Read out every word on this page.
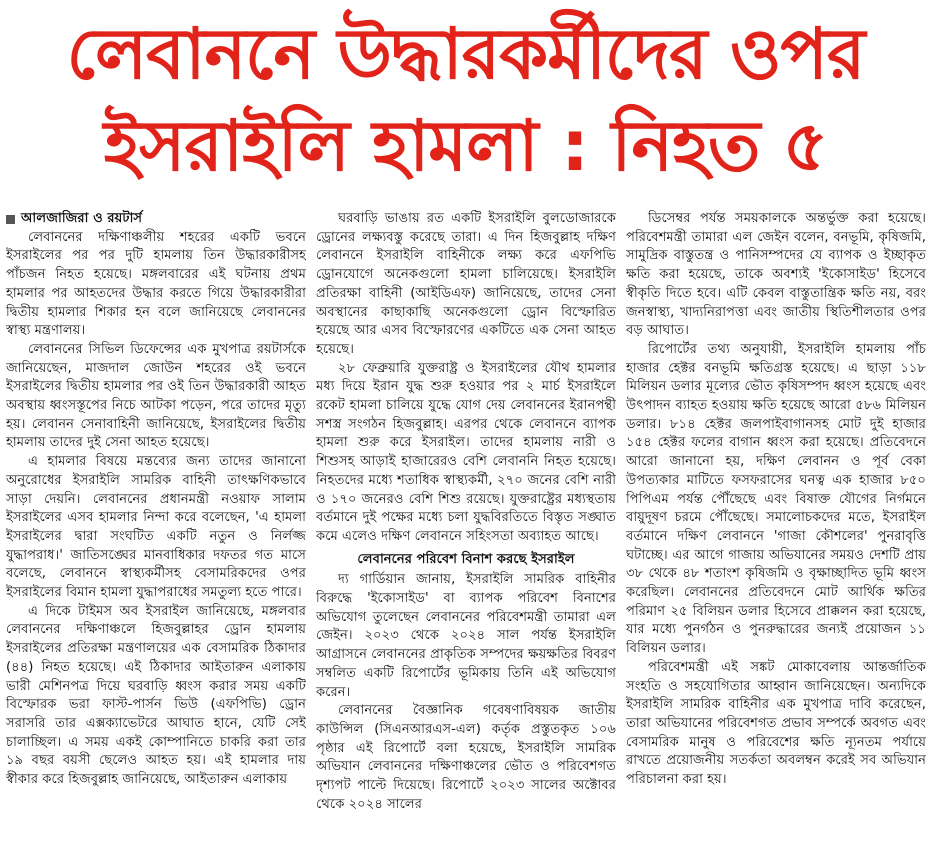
লেবাননে উদ্ধারকর্মীদের ওপর
ইসরাইলি হামলা : নিহত ৫
আলজাজিরা ও রয়টার্স

লেবাননের দক্ষিণাঞ্চলীয় শহরের একটি ভবনে ইসরাইলের পর পর দুটি হামলায় তিন উদ্ধারকারীসহ পাঁচজন নিহত হয়েছে। মঙ্গলবারের এই ঘটনায় প্রথম হামলার পর আহতদের উদ্ধার করতে গিয়ে উদ্ধারকারীরা দ্বিতীয় হামলার শিকার হন বলে জানিয়েছে লেবাননের স্বাস্থ্য মন্ত্রণালয়।

লেবাননের সিভিল ডিফেন্সের এক মুখপাত্র রয়টার্সকে জানিয়েছেন, মাজদাল জোউন শহরের ওই ভবনে ইসরাইলের দ্বিতীয় হামলার পর ওই তিন উদ্ধারকারী আহত অবস্থায় ধ্বংসস্তূপের নিচে আটকা পড়েন, পরে তাদের মৃত্যু হয়। লেবানন সেনাবাহিনী জানিয়েছে, ইসরাইলের দ্বিতীয় হামলায় তাদের দুই সেনা আহত হয়েছে।

এ হামলার বিষয়ে মন্তব্যের জন্য তাদের জানানো অনুরোধের ইসরাইলি সামরিক বাহিনী তাৎক্ষণিকভাবে সাড়া দেয়নি। লেবাননের প্রধানমন্ত্রী নওয়াফ সালাম ইসরাইলের এসব হামলার নিন্দা করে বলেছেন, 'এ হামলা ইসরাইলের দ্বারা সংঘটিত একটি নতুন ও নির্লজ্জ যুদ্ধাপরাধ।' জাতিসঙ্ঘের মানবাধিকার দফতর গত মাসে বলেছে, লেবাননে স্বাস্থ্যকর্মীসহ বেসামরিকদের ওপর ইসরাইলের বিমান হামলা যুদ্ধাপরাধের সমতুল্য হতে পারে।

এ দিকে টাইমস অব ইসরাইল জানিয়েছে, মঙ্গলবার লেবাননের দক্ষিণাঞ্চলে হিজবুল্লাহর ড্রোন হামলায় ইসরাইলের প্রতিরক্ষা মন্ত্রণালয়ের এক বেসামরিক ঠিকাদার (৪৪) নিহত হয়েছে। এই ঠিকাদার আইতারুন এলাকায় ভারী মেশিনপত্র দিয়ে ঘরবাড়ি ধ্বংস করার সময় একটি বিস্ফোরক ভরা ফাস্ট-পার্সন ভিউ (এফপিভি) ড্রোন সরাসরি তার এক্সক্যাভেটরে আঘাত হানে, যেটি সেই চালাচ্ছিল। এ সময় একই কোম্পানিতে চাকরি করা তার ১৯ বছর বয়সী ছেলেও আহত হয়। এই হামলার দায় স্বীকার করে হিজবুল্লাহ জানিয়েছে, আইতারুন এলাকায়

ঘরবাড়ি ভাঙায় রত একটি ইসরাইলি বুলডোজারকে ড্রোনের লক্ষ্যবস্তু করেছে তারা। এ দিন হিজবুল্লাহ দক্ষিণ লেবাননে ইসরাইলি বাহিনীকে লক্ষ্য করে এফপিভি ড্রোনযোগে অনেকগুলো হামলা চালিয়েছে। ইসরাইলি প্রতিরক্ষা বাহিনী (আইডিএফ) জানিয়েছে, তাদের সেনা অবস্থানের কাছাকাছি অনেকগুলো ড্রোন বিস্ফোরিত হয়েছে আর এসব বিস্ফোরণের একটিতে এক সেনা আহত হয়েছে।

২৮ ফেব্রুয়ারি যুক্তরাষ্ট্র ও ইসরাইলের যৌথ হামলার মধ্য দিয়ে ইরান যুদ্ধ শুরু হওয়ার পর ২ মার্চ ইসরাইলে রকেট হামলা চালিয়ে যুদ্ধে যোগ দেয় লেবাননের ইরানপন্থী সশস্ত্র সংগঠন হিজবুল্লাহ। এরপর থেকে লেবাননে ব্যাপক হামলা শুরু করে ইসরাইল। তাদের হামলায় নারী ও শিশুসহ আড়াই হাজারেরও বেশি লেবাননি নিহত হয়েছে। নিহতদের মধ্যে শতাধিক স্বাস্থ্যকর্মী, ২৭০ জনের বেশি নারী ও ১৭০ জনেরও বেশি শিশু রয়েছে। যুক্তরাষ্ট্রের মধ্যস্থতায় বর্তমানে দুই পক্ষের মধ্যে চলা যুদ্ধবিরতিতে বিস্তৃত সঙ্ঘাত কমে এলেও দক্ষিণ লেবাননে সহিংসতা অব্যাহত আছে।

লেবাননের পরিবেশ বিনাশ করছে ইসরাইল

দ্য গার্ডিয়ান জানায়, ইসরাইলি সামরিক বাহিনীর বিরুদ্ধে 'ইকোসাইড' বা ব্যাপক পরিবেশ বিনাশের অভিযোগ তুলেছেন লেবাননের পরিবেশমন্ত্রী তামারা এল জেইন। ২০২৩ থেকে ২০২৪ সাল পর্যন্ত ইসরাইলি আগ্রাসনে লেবাননের প্রাকৃতিক সম্পদের ক্ষয়ক্ষতির বিবরণ সম্বলিত একটি রিপোর্টের ভূমিকায় তিনি এই অভিযোগ করেন।

লেবাননের বৈজ্ঞানিক গবেষণাবিষয়ক জাতীয় কাউন্সিল (সিএনআরএস-এল) কর্তৃক প্রস্তুতকৃত ১০৬ পৃষ্ঠার এই রিপোর্টে বলা হয়েছে, ইসরাইলি সামরিক অভিযান লেবাননের দক্ষিণাঞ্চলের ভৌত ও পরিবেশগত দৃশ্যপট পাল্টে দিয়েছে। রিপোর্টে ২০২৩ সালের অক্টোবর থেকে ২০২৪ সালের

ডিসেম্বর পর্যন্ত সময়কালকে অন্তর্ভুক্ত করা হয়েছে। পরিবেশমন্ত্রী তামারা এল জেইন বলেন, বনভূমি, কৃষিজমি, সামুদ্রিক বাস্তুতন্ত্র ও পানিসম্পদের যে ব্যাপক ও ইচ্ছাকৃত ক্ষতি করা হয়েছে, তাকে অবশ্যই 'ইকোসাইড' হিসেবে স্বীকৃতি দিতে হবে। এটি কেবল বাস্তুতান্ত্রিক ক্ষতি নয়, বরং জনস্বাস্থ্য, খাদ্যনিরাপত্তা এবং জাতীয় স্থিতিশীলতার ওপর বড় আঘাত।

রিপোর্টের তথ্য অনুযায়ী, ইসরাইলি হামলায় পাঁচ হাজার হেক্টর বনভূমি ক্ষতিগ্রস্ত হয়েছে। এ ছাড়া ১১৮ মিলিয়ন ডলার মূল্যের ভৌত কৃষিসম্পদ ধ্বংস হয়েছে এবং উৎপাদন ব্যাহত হওয়ায় ক্ষতি হয়েছে আরো ৫৮৬ মিলিয়ন ডলার। ৮১৪ হেক্টর জলপাইবাগানসহ মোট দুই হাজার ১৫৪ হেক্টর ফলের বাগান ধ্বংস করা হয়েছে। প্রতিবেদনে আরো জানানো হয়, দক্ষিণ লেবানন ও পূর্ব বেকা উপত্যকার মাটিতে ফসফরাসের ঘনত্ব এক হাজার ৮৫০ পিপিএম পর্যন্ত পৌঁছেছে এবং বিষাক্ত যৌগের নির্গমনে বায়ুদূষণ চরমে পৌঁছেছে। সমালোচকদের মতে, ইসরাইল বর্তমানে দক্ষিণ লেবাননে 'গাজা কৌশলের' পুনরাবৃত্তি ঘটাচ্ছে। এর আগে গাজায় অভিযানের সময়ও দেশটি প্রায় ৩৮ থেকে ৪৮ শতাংশ কৃষিজমি ও বৃক্ষাচ্ছাদিত ভূমি ধ্বংস করেছিল। লেবাননের প্রতিবেদনে মোট আর্থিক ক্ষতির পরিমাণ ২৫ বিলিয়ন ডলার হিসেবে প্রাক্কলন করা হয়েছে, যার মধ্যে পুনর্গঠন ও পুনরুদ্ধারের জন্যই প্রয়োজন ১১ বিলিয়ন ডলার।

পরিবেশমন্ত্রী এই সঙ্কট মোকাবেলায় আন্তর্জাতিক সংহতি ও সহযোগিতার আহ্বান জানিয়েছেন। অন্যদিকে ইসরাইলি সামরিক বাহিনীর এক মুখপাত্র দাবি করেছেন, তারা অভিযানের পরিবেশগত প্রভাব সম্পর্কে অবগত এবং বেসামরিক মানুষ ও পরিবেশের ক্ষতি ন্যূনতম পর্যায়ে রাখতে প্রয়োজনীয় সতর্কতা অবলম্বন করেই সব অভিযান পরিচালনা করা হয়।
